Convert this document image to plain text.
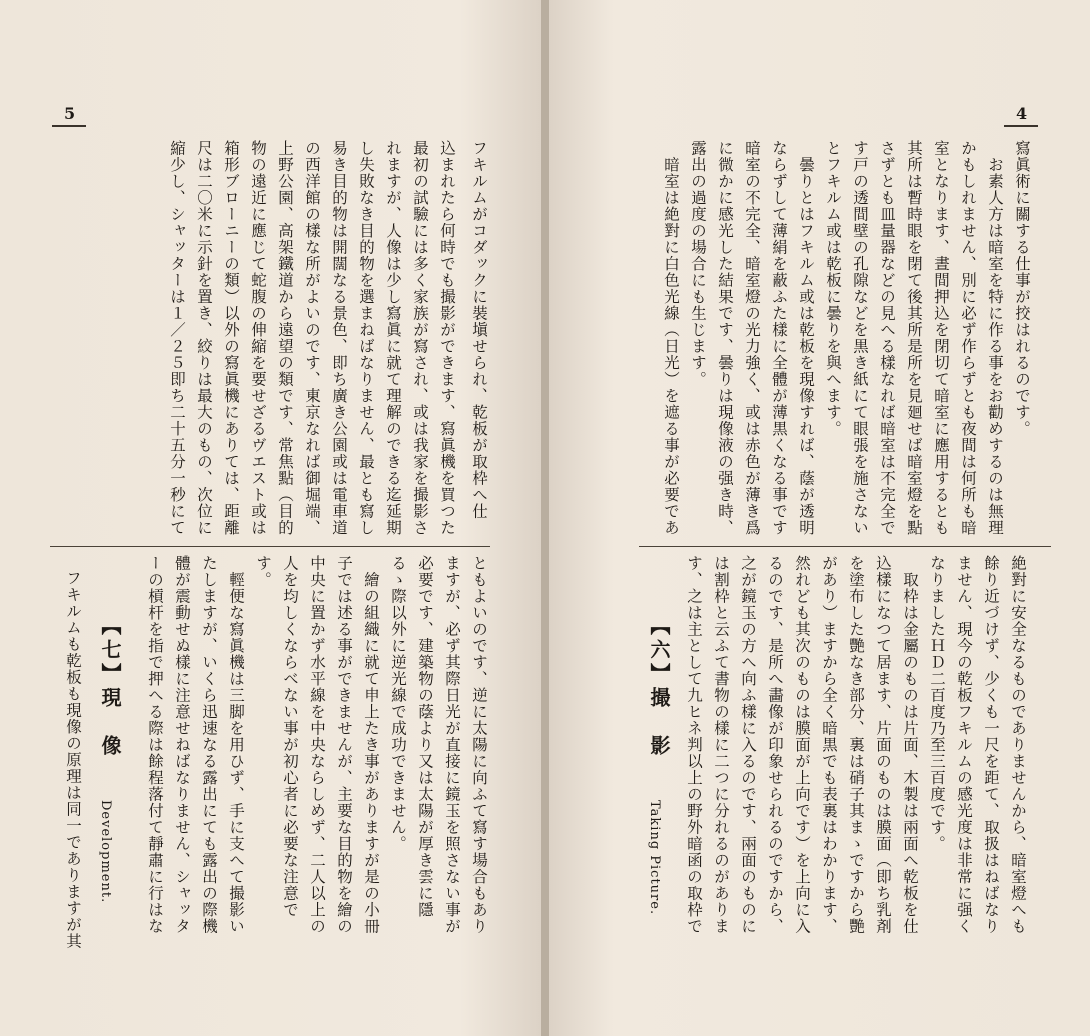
4
寫眞術に關する仕事が挍はれるのです。
　お素人方は暗室を特に作る事をお勸めするのは無理かもしれません、別に必ず作らずとも夜間は何所も暗室となります、晝間押込を閉切て暗室に應用するとも其所は暫時眼を閉て後其所是所を見廻せば暗室燈を點さずとも皿量器などの見へる樣なれば暗室は不完全です戸の透間壁の孔隙などを黒き紙にて眼張を施さないとフキルム或は乾板に曇りを與へます。
　曇りとはフキルム或は乾板を現像すれば、蔭が透明ならずして薄絹を蔽ふた樣に全體が薄黒くなる事です暗室の不完全、暗室燈の光力強く、或は赤色が薄き爲に微かに感光した結果です、曇りは現像液の强き時、露出の過度の場合にも生じます。
　暗室は絶對に白色光線（日光）を遮る事が必要であ

絶對に安全なるものでありませんから、暗室燈へも餘り近づけず、少くも一尺を距て、取扱はねばなりません、現今の乾板フキルムの感光度は非常に强くなりましたＨＤ二百度乃至三百度です。
　取枠は金屬のものは片面、木製は兩面へ乾板を仕込樣になつて居ます、片面のものは膜面（即ち乳剤を塗布した艷なき部分、裏は硝子其まゝですから艷があり）ますから全く暗黒でも表裏はわかります、然れども其次のものは膜面が上向です）を上向に入るのです、是所へ畵像が印象せられるのですから、之が鏡玉の方へ向ふ樣に入るのです、兩面のものには割枠と云ふて書物の樣に二つに分れるのがあります、之は主として九ヒネ判以上の野外暗函の取枠で

【六】撮　影
Taking Picture.
5
込まれたら何時でも撮影ができます、寫眞機を買つた最初の試驗には多く家族が寫され、或は我家を撮影されますが、人像は少し寫眞に就て理解のできる迄延期し失敗なき目的物を選まねばなりません、最とも寫し易き目的物は開闊なる景色、即ち廣き公園或は電車道の西洋館の樣な所がよいのです、東京なれば御堀端、上野公園、高架鐵道から遠望の類です、常焦點（目的物の遠近に應じて蛇腹の伸縮を要せざるヴエスト或は箱形ブローニーの類）以外の寫眞機にありては、距離尺は二〇米に示針を置き、絞りは最大のもの、次位に縮少し、シャッターは１／２５即ち二十五分一秒にて

フキルムがコダックに裝塡せられ、乾板が取枠へ仕
ともよいのです、逆に太陽に向ふて寫す場合もありますが、必ず其際日光が直接に鏡玉を照さない事が必要です、建築物の蔭より又は太陽が厚き雲に隱るゝ際以外に逆光線で成功できません。
　繪の組織に就て申上たき事がありますが是の小冊子では述る事ができませんが、主要な目的物を繪の中央に置かず水平線を中央ならしめず、二人以上の人を均しくならべない事が初心者に必要な注意です。
　輕便な寫眞機は三脚を用ひず、手に支へて撮影いたしますが、いくら迅速なる露出にても露出の際機體が震動せぬ樣に注意せねばなりません、シャッターの槓杆を指で押へる際は餘程落付て靜肅に行はな

【七】現　像
Development.
フキルムも乾板も現像の原理は同一でありますが其
